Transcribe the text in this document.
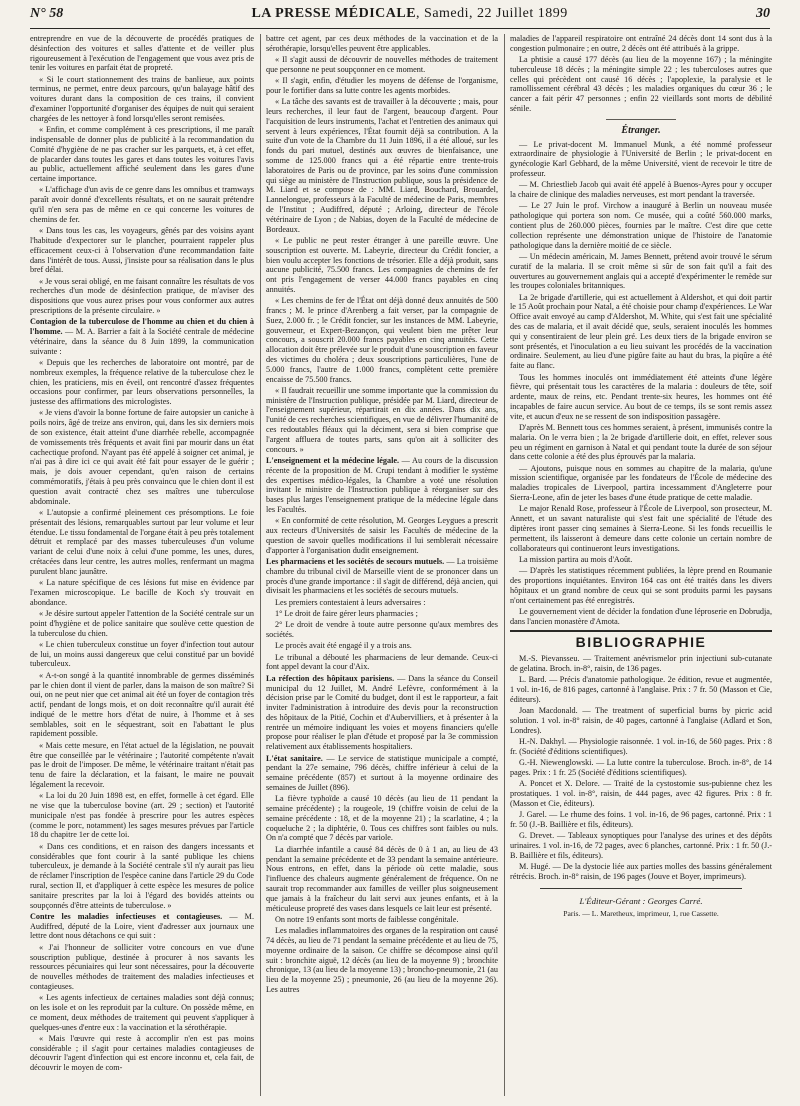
N° 58	LA PRESSE MÉDICALE, Samedi, 22 Juillet 1899	30

entreprendre en vue de la découverte de procédés pratiques de désinfection des voitures et salles d'attente et de veiller plus rigoureusement à l'exécution de l'engagement que vous avez pris de tenir les voitures en parfait état de propreté.

« Si le court stationnement des trains de banlieue, aux points terminus, ne permet, entre deux parcours, qu'un balayage hâtif des voitures durant dans la composition de ces trains, il convient d'examiner l'opportunité d'organiser des équipes de nuit qui seraient chargées de les nettoyer à fond lorsqu'elles seront remisées.

« Enfin, et comme complément à ces prescriptions, il me paraît indispensable de donner plus de publicité à la recommandation du Comité d'hygiène de ne pas cracher sur les parquets, et, à cet effet, de placarder dans toutes les gares et dans toutes les voitures l'avis au public, actuellement affiché seulement dans les gares d'une certaine importance.

« L'affichage d'un avis de ce genre dans les omnibus et tramways paraît avoir donné d'excellents résultats, et on ne saurait prétendre qu'il n'en sera pas de même en ce qui concerne les voitures de chemins de fer.

« Dans tous les cas, les voyageurs, gênés par des voisins ayant l'habitude d'expectorer sur le plancher, pourraient rappeler plus efficacement ceux-ci à l'observation d'une recommandation faite dans l'intérêt de tous. Aussi, j'insiste pour sa réalisation dans le plus bref délai.

« Je vous serai obligé, en me faisant connaître les résultats de vos recherches d'un mode de désinfection pratique, de m'aviser des dispositions que vous aurez prises pour vous conformer aux autres prescriptions de la présente circulaire. »

Contagion de la tuberculose de l'homme au chien et du chien à l'homme. — M. A. Barrier a fait à la Société centrale de médecine vétérinaire, dans la séance du 8 Juin 1899, la communication suivante :

« Depuis que les recherches de laboratoire ont montré, par de nombreux exemples, la fréquence relative de la tuberculose chez le chien, les praticiens, mis en éveil, ont rencontré d'assez fréquentes occasions pour confirmer, par leurs observations personnelles, la justesse des affirmations des micrologistes.

« Je viens d'avoir la bonne fortune de faire autopsier un caniche à poils noirs, âgé de treize ans environ, qui, dans les six derniers mois de son existence, était atteint d'une diarrhée rebelle, accompagnée de vomissements très fréquents et avait fini par mourir dans un état cachectique profond. N'ayant pas été appelé à soigner cet animal, je n'ai pas à dire ici ce qui avait été fait pour essayer de le guérir ; mais, je dois avouer cependant, qu'en raison de certains commémoratifs, j'étais à peu près convaincu que le chien dont il est question avait contracté chez ses maîtres une tuberculose abdominale.

« L'autopsie a confirmé pleinement ces présomptions. Le foie présentait des lésions, remarquables surtout par leur volume et leur étendue. Le tissu fondamental de l'organe était à peu près totalement détruit et remplacé par des masses tuberculeuses d'un volume variant de celui d'une noix à celui d'une pomme, les unes, dures, crétacées dans leur centre, les autres molles, renfermant un magma purulent blanc jaunâtre.

« La nature spécifique de ces lésions fut mise en évidence par l'examen microscopique. Le bacille de Koch s'y trouvait en abondance.

« Je désire surtout appeler l'attention de la Société centrale sur un point d'hygiène et de police sanitaire que soulève cette question de la tuberculose du chien.

« Le chien tuberculeux constitue un foyer d'infection tout autour de lui, un moins aussi dangereux que celui constitué par un bovidé tuberculeux.

« A-t-on songé à la quantité innombrable de germes disséminés par le chien dont il vient de parler, dans la maison de son maître? Si oui, on ne peut nier que cet animal ait été un foyer de contagion très actif, pendant de longs mois, et on doit reconnaître qu'il aurait été indiqué de le mettre hors d'état de nuire, à l'homme et à ses semblables, soit en le séquestrant, soit en l'abattant le plus rapidement possible.

« Mais cette mesure, en l'état actuel de la législation, ne pouvait être que conseillée par le vétérinaire ; l'autorité compétente n'avait pas le droit de l'imposer. De même, le vétérinaire traitant n'était pas tenu de faire la déclaration, et la faisant, le maire ne pouvait légalement la recevoir.

« La loi du 20 Juin 1898 est, en effet, formelle à cet égard. Elle ne vise que la tuberculose bovine (art. 29 ; section) et l'autorité municipale n'est pas fondée à prescrire pour les autres espèces (comme le porc, notamment) les sages mesures prévues par l'article 18 du chapitre 1er de cette loi.

« Dans ces conditions, et en raison des dangers incessants et considérables que font courir à la santé publique les chiens tuberculeux, je demande à la Société centrale s'il n'y aurait pas lieu de réclamer l'inscription de l'espèce canine dans l'article 29 du Code rural, section II, et d'appliquer à cette espèce les mesures de police sanitaire prescrites par la loi à l'égard des bovidés atteints ou soupçonnés d'être atteints de tuberculose. »

Contre les maladies infectieuses et contagieuses. — M. Audiffred, député de la Loire, vient d'adresser aux journaux une lettre dont nous détachons ce qui suit :

« J'ai l'honneur de solliciter votre concours en vue d'une souscription publique, destinée à procurer à nos savants les ressources pécuniaires qui leur sont nécessaires, pour la découverte de nouvelles méthodes de traitement des maladies infectieuses et contagieuses.

« Les agents infectieux de certaines maladies sont déjà connus; on les isole et on les reproduit par la culture. On possède même, en ce moment, deux méthodes de traitement qui peuvent s'appliquer à quelques-unes d'entre eux : la vaccination et la sérothérapie.

« Mais l'œuvre qui reste à accomplir n'en est pas moins considérable ; il s'agit pour certaines maladies contagieuses de découvrir l'agent d'infection qui est encore inconnu et, cela fait, de découvrir le moyen de com-

battre cet agent, par ces deux méthodes de la vaccination et de la sérothérapie, lorsqu'elles peuvent être applicables.

« Il s'agit aussi de découvrir de nouvelles méthodes de traitement que personne ne peut soupçonner en ce moment.

« Il s'agit, enfin, d'étudier les moyens de défense de l'organisme, pour le fortifier dans sa lutte contre les agents morbides.

« La tâche des savants est de travailler à la découverte ; mais, pour leurs recherches, il leur faut de l'argent, beaucoup d'argent. Pour l'acquisition de leurs instruments, l'achat et l'entretien des animaux qui servent à leurs expériences, l'État fournit déjà sa contribution. A la suite d'un vote de la Chambre du 11 Juin 1896, il a été alloué, sur les fonds du pari mutuel, destinés aux œuvres de bienfaisance, une somme de 125.000 francs qui a été répartie entre trente-trois laboratoires de Paris ou de province, par les soins d'une commission qui siège au ministère de l'Instruction publique, sous la présidence de M. Liard et se compose de : MM. Liard, Bouchard, Brouardel, Lannelongue, professeurs à la Faculté de médecine de Paris, membres de l'Institut ; Audiffred, député ; Arloing, directeur de l'école vétérinaire de Lyon ; de Nabias, doyen de la Faculté de médecine de Bordeaux.

« Le public ne peut rester étranger à une pareille œuvre. Une souscription est ouverte. M. Labeyrie, directeur du Crédit foncier, a bien voulu accepter les fonctions de trésorier. Elle a déjà produit, sans aucune publicité, 75.500 francs. Les compagnies de chemins de fer ont pris l'engagement de verser 44.000 francs payables en cinq annuités.

« Les chemins de fer de l'État ont déjà donné deux annuités de 500 francs ; M. le prince d'Arenberg a fait verser, par la compagnie de Suez, 2.000 fr. ; le Crédit foncier, sur les instances de MM. Labeyrie, gouverneur, et Expert-Bezançon, qui veulent bien me prêter leur concours, a souscrit 20.000 francs payables en cinq annuités. Cette allocation doit être prélevée sur le produit d'une souscription en faveur des victimes du choléra ; deux souscriptions particulières, l'une de 5.000 francs, l'autre de 1.000 francs, complètent cette première encaisse de 75.500 francs.

« Il faudrait recueillir une somme importante que la commission du ministère de l'Instruction publique, présidée par M. Liard, directeur de l'enseignement supérieur, répartirait en dix années. Dans dix ans, l'unité de ces recherches scientifiques, en vue de délivrer l'humanité de ces redoutables fléaux qui la déciment, sera si bien comprise que l'argent affluera de toutes parts, sans qu'on ait à solliciter des concours. »

L'enseignement et la médecine légale. — Au cours de la discussion récente de la proposition de M. Crupi tendant à modifier le système des expertises médico-légales, la Chambre a voté une résolution invitant le ministre de l'Instruction publique à réorganiser sur des bases plus larges l'enseignement pratique de la médecine légale dans les Facultés.

« En conformité de cette résolution, M. Georges Leygues a prescrit aux recteurs d'Universités de saisir les Facultés de médecine de la question de savoir quelles modifications il lui semblerait nécessaire d'apporter à l'organisation dudit enseignement.

Les pharmaciens et les sociétés de secours mutuels. — La troisième chambre du tribunal civil de Marseille vient de se prononcer dans un procès d'une grande importance : il s'agit de différend, déjà ancien, qui divisait les pharmaciens et les sociétés de secours mutuels.

Les premiers contestaient à leurs adversaires :

1° Le droit de faire gérer leurs pharmacies ;

2° Le droit de vendre à toute autre personne qu'aux membres des sociétés.

Le procès avait été engagé il y a trois ans.

Le tribunal a débouté les pharmaciens de leur demande. Ceux-ci font appel devant la cour d'Aix.

La réfection des hôpitaux parisiens. — Dans la séance du Conseil municipal du 12 Juillet, M. André Lefèvre, conformément à la décision prise par le Comité du budget, dont il est le rapporteur, a fait inviter l'administration à introduire des devis pour la reconstruction des hôpitaux de la Pitié, Cochin et d'Aubervilliers, et à présenter à la rentrée un mémoire indiquant les voies et moyens financiers qu'elle propose pour réaliser le plan d'étude et proposé par la 3e commission relativement aux établissements hospitaliers.

L'état sanitaire. — Le service de statistique municipale a compté, pendant la 27e semaine, 796 décès, chiffre inférieur à celui de la semaine précédente (857) et surtout à la moyenne ordinaire des semaines de Juillet (896).

La fièvre typhoïde a causé 10 décès (au lieu de 11 pendant la semaine précédente) ; la rougeole, 19 (chiffre voisin de celui de la semaine précédente : 18, et de la moyenne 21) ; la scarlatine, 4 ; la coqueluche 2 ; la diphtérie, 0. Tous ces chiffres sont faibles ou nuls. On n'a compté que 7 décès par variole.

La diarrhée infantile a causé 84 décès de 0 à 1 an, au lieu de 43 pendant la semaine précédente et de 33 pendant la semaine antérieure. Nous entrons, en effet, dans la période où cette maladie, sous l'influence des chaleurs augmente généralement de fréquence. On ne saurait trop recommander aux familles de veiller plus soigneusement que jamais à la fraîcheur du lait servi aux jeunes enfants, et à la méticuleuse propreté des vases dans lesquels ce lait leur est présenté.

On notre 19 enfants sont morts de faiblesse congénitale.

Les maladies inflammatoires des organes de la respiration ont causé 74 décès, au lieu de 71 pendant la semaine précédente et au lieu de 75, moyenne ordinaire de la saison. Ce chiffre se décompose ainsi qu'il suit : bronchite aiguë, 12 décès (au lieu de la moyenne 9) ; bronchite chronique, 13 (au lieu de la moyenne 13) ; broncho-pneumonie, 21 (au lieu de la moyenne 25) ; pneumonie, 26 (au lieu de la moyenne 26). Les autres

maladies de l'appareil respiratoire ont entraîné 24 décès dont 14 sont dus à la congestion pulmonaire ; en outre, 2 décès ont été attribués à la grippe.

La phtisie a causé 177 décès (au lieu de la moyenne 167) ; la méningite tuberculeuse 18 décès ; la méningite simple 22 ; les tuberculoses autres que celles qui précèdent ont causé 16 décès ; l'apoplexie, la paralysie et le ramollissement cérébral 43 décès ; les maladies organiques du cœur 36 ; le cancer a fait périr 47 personnes ; enfin 22 vieillards sont morts de débilité sénile.

Étranger.

— Le privat-docent M. Immanuel Munk, a été nommé professeur extraordinaire de physiologie à l'Université de Berlin ; le privat-docent en gynécologie Karl Gebhard, de la même Université, vient de recevoir le titre de professeur.

— M. Chriestlieb Jacob qui avait été appelé à Buenos-Ayres pour y occuper la chaire de clinique des maladies nerveuses, est mort pendant la traversée.

— Le 27 Juin le prof. Virchow a inauguré à Berlin un nouveau musée pathologique qui portera son nom. Ce musée, qui a coûté 560.000 marks, contient plus de 260.000 pièces, fournies par le maître. C'est dire que cette collection représente une démonstration unique de l'histoire de l'anatomie pathologique dans la dernière moitié de ce siècle.

— Un médecin américain, M. James Bennett, prétend avoir trouvé le sérum curatif de la malaria. Il se croit même si sûr de son fait qu'il a fait des ouvertures au gouvernement anglais qui a accepté d'expérimenter le remède sur les troupes coloniales britanniques.

La 2e brigade d'artillerie, qui est actuellement à Aldershot, et qui doit partir le 15 Août prochain pour Natal, a été choisie pour champ d'expériences. Le War Office avait envoyé au camp d'Aldershot, M. White, qui s'est fait une spécialité des cas de malaria, et il avait décidé que, seuls, seraient inoculés les hommes qui y consentiraient de leur plein gré. Les deux tiers de la brigade environ se sont présentés, et l'inoculation a eu lieu suivant les procédés de la vaccination ordinaire. Seulement, au lieu d'une pigûre faite au haut du bras, la piqûre a été faite au flanc.

Tous les hommes inoculés ont immédiatement été atteints d'une légère fièvre, qui présentait tous les caractères de la malaria : douleurs de tête, soif ardente, maux de reins, etc. Pendant trente-six heures, les hommes ont été incapables de faire aucun service. Au bout de ce temps, ils se sont remis assez vite, et aucun d'eux ne se ressent de son indisposition passagère.

D'après M. Bennett tous ces hommes seraient, à présent, immunisés contre la malaria. On le verra bien ; la 2e brigade d'artillerie doit, en effet, relever sous peu un régiment en garnison à Natal et qui pendant toute la durée de son séjour dans cette colonie a été des plus éprouvés par la malaria.

— Ajoutons, puisque nous en sommes au chapitre de la malaria, qu'une mission scientifique, organisée par les fondateurs de l'École de médecine des maladies tropicales de Liverpool, partira incessamment d'Angleterre pour Sierra-Leone, afin de jeter les bases d'une étude pratique de cette maladie.

Le major Renald Rose, professeur à l'École de Liverpool, son prosecteur, M. Annett, et un savant naturaliste qui s'est fait une spécialité de l'étude des diptères iront passer cinq semaines à Sierra-Leone. Si les fonds recueillis le permettent, ils laisseront à demeure dans cette colonie un certain nombre de collaborateurs qui continueront leurs investigations.

La mission partira au mois d'Août.

— D'après les statistiques récemment publiées, la lèpre prend en Roumanie des proportions inquiétantes. Environ 164 cas ont été traités dans les divers hôpitaux et un grand nombre de ceux qui se sont produits parmi les paysans n'ont certainement pas été enregistrés.

Le gouvernement vient de décider la fondation d'une léproserie en Dobrudja, dans l'ancien monastère d'Amota.

BIBLIOGRAPHIE

M.-S. Pievansseu. — Traitement anévrismelor prin injectiuni sub-cutanate de gelatina. Broch. in-8°, raisin, de 136 pages.

L. Bard. — Précis d'anatomie pathologique. 2e édition, revue et augmentée, 1 vol. in-16, de 816 pages, cartonné à l'anglaise. Prix : 7 fr. 50 (Masson et Cie, éditeurs).

Joan Macdonald. — The treatment of superficial burns by picric acid solution. 1 vol. in-8° raisin, de 40 pages, cartonné à l'anglaise (Adlard et Son, Londres).

H.-N. Dakhyl. — Physiologie raisonnée. 1 vol. in-16, de 560 pages. Prix : 8 fr. (Société d'éditions scientifiques).

G.-H. Niewenglowski. — La lutte contre la tuberculose. Broch. in-8°, de 14 pages. Prix : 1 fr. 25 (Société d'éditions scientifiques).

A. Poncet et X. Delore. — Traité de la cystostomie sus-pubienne chez les prostatiques. 1 vol. in-8°, raisin, de 444 pages, avec 42 figures. Prix : 8 fr. (Masson et Cie, éditeurs).

J. Garel. — Le rhume des foins. 1 vol. in-16, de 96 pages, cartonné. Prix : 1 fr. 50 (J.-B. Baillière et fils, éditeurs).

G. Drevet. — Tableaux synoptiques pour l'analyse des urines et des dépôts urinaires. 1 vol. in-16, de 72 pages, avec 6 planches, cartonné. Prix : 1 fr. 50 (J.-B. Baillière et fils, éditeurs).

M. Hugé. — De la dystocie liée aux parties molles des bassins généralement rétrécis. Broch. in-8° raisin, de 196 pages (Jouve et Boyer, imprimeurs).

L'Éditeur-Gérant : Georges Carré.
Paris. — L. Maretheux, imprimeur, 1, rue Cassette.
